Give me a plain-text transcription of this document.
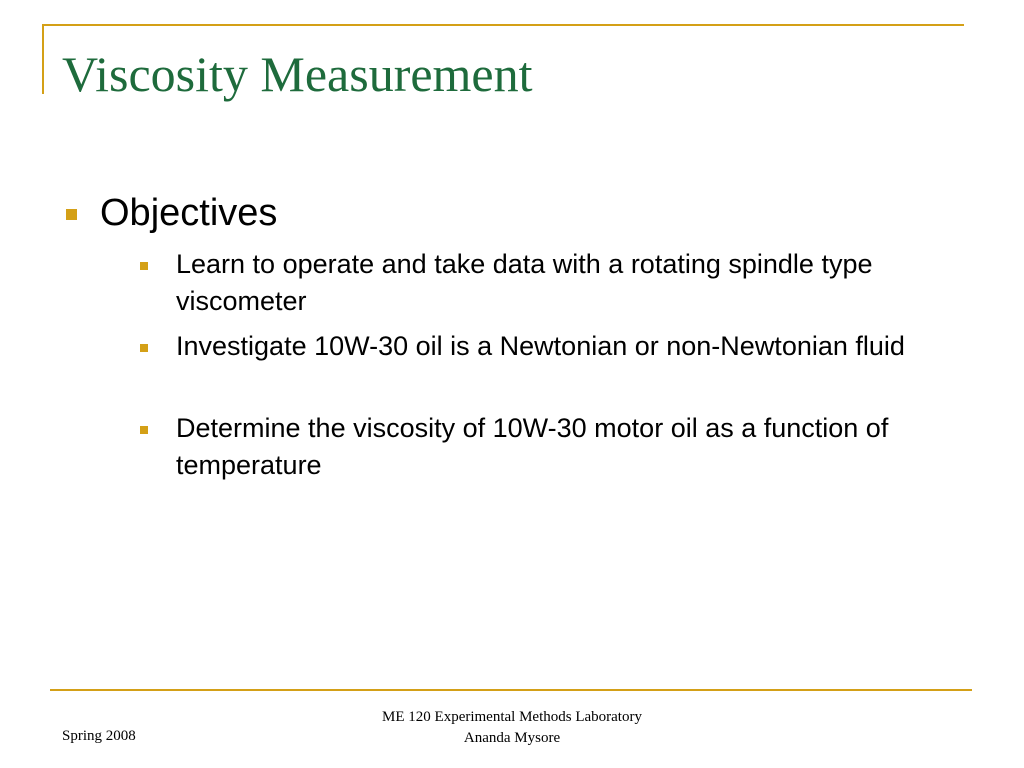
Viscosity Measurement
Objectives
Learn to operate and take data with a rotating spindle type viscometer
Investigate 10W-30 oil is a Newtonian or non-Newtonian fluid
Determine the viscosity of 10W-30 motor oil as a function of temperature
Spring 2008
ME 120 Experimental Methods Laboratory
Ananda Mysore
